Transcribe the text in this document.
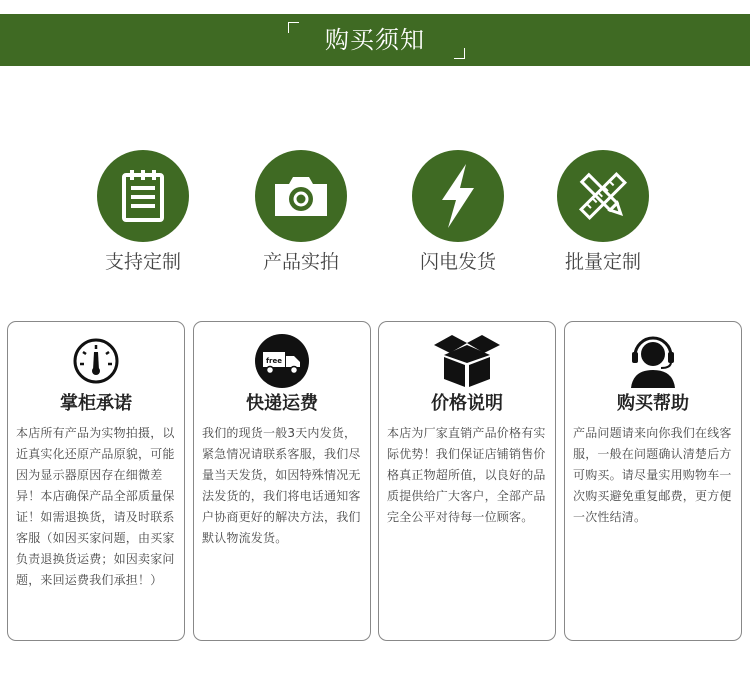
购买须知
支持定制	产品实拍	闪电发货	批量定制
掌柜承诺
本店所有产品为实物拍摄，以近真实化还原产品原貌，可能因为显示器原因存在细微差异！本店确保产品全部质量保证！如需退换货，请及时联系客服（如因买家问题，由买家负责退换货运费；如因卖家问题，来回运费我们承担！）
free
快递运费
我们的现货一般3天内发货，紧急情况请联系客服，我们尽量当天发货，如因特殊情况无法发货的，我们将电话通知客户协商更好的解决方法，我们默认物流发货。
价格说明
本店为厂家直销产品价格有实际优势！我们保证店铺销售价格真正物超所值，以良好的品质提供给广大客户，全部产品完全公平对待每一位顾客。
购买帮助
产品问题请来向你我们在线客服，一般在问题确认清楚后方可购买。请尽量实用购物车一次购买避免重复邮费，更方便一次性结清。
